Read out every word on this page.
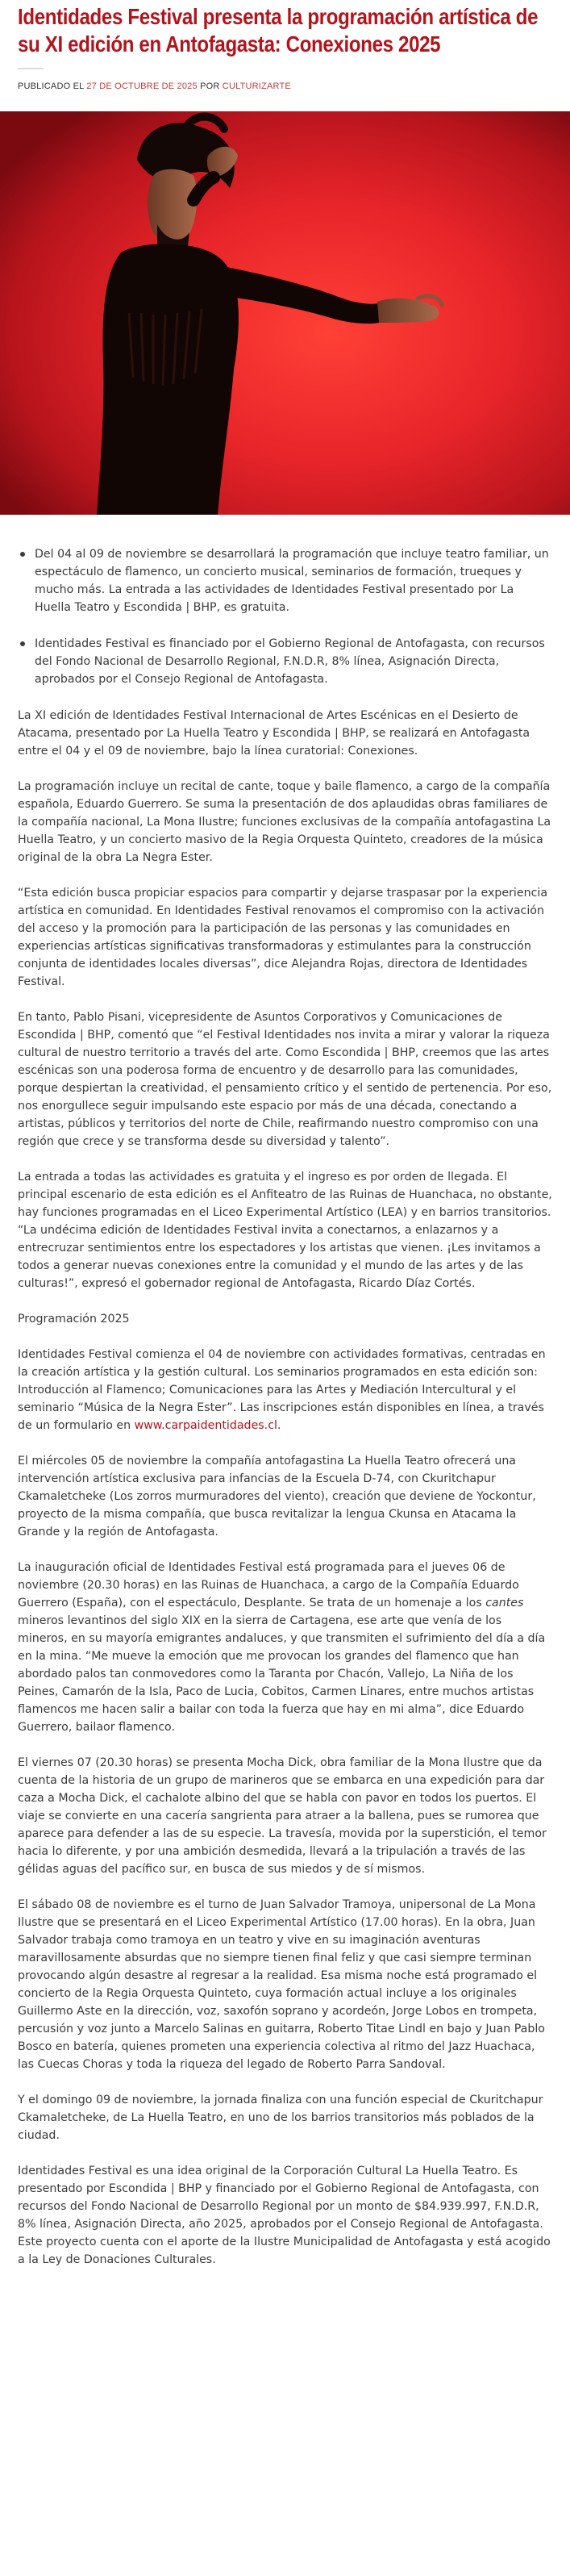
Identidades Festival presenta la programación artística de su XI edición en Antofagasta: Conexiones 2025
PUBLICADO EL 27 DE OCTUBRE DE 2025 POR CULTURIZARTE
Del 04 al 09 de noviembre se desarrollará la programación que incluye teatro familiar, un espectáculo de flamenco, un concierto musical, seminarios de formación, trueques y mucho más. La entrada a las actividades de Identidades Festival presentado por La Huella Teatro y Escondida | BHP, es gratuita.
Identidades Festival es financiado por el Gobierno Regional de Antofagasta, con recursos del Fondo Nacional de Desarrollo Regional, F.N.D.R, 8% línea, Asignación Directa, aprobados por el Consejo Regional de Antofagasta.

La XI edición de Identidades Festival Internacional de Artes Escénicas en el Desierto de Atacama, presentado por La Huella Teatro y Escondida | BHP, se realizará en Antofagasta entre el 04 y el 09 de noviembre, bajo la línea curatorial: Conexiones.

La programación incluye un recital de cante, toque y baile flamenco, a cargo de la compañía española, Eduardo Guerrero. Se suma la presentación de dos aplaudidas obras familiares de la compañía nacional, La Mona Ilustre; funciones exclusivas de la compañía antofagastina La Huella Teatro, y un concierto masivo de la Regia Orquesta Quinteto, creadores de la música original de la obra La Negra Ester.

“Esta edición busca propiciar espacios para compartir y dejarse traspasar por la experiencia artística en comunidad. En Identidades Festival renovamos el compromiso con la activación del acceso y la promoción para la participación de las personas y las comunidades en experiencias artísticas significativas transformadoras y estimulantes para la construcción conjunta de identidades locales diversas”, dice Alejandra Rojas, directora de Identidades Festival.

En tanto, Pablo Pisani, vicepresidente de Asuntos Corporativos y Comunicaciones de Escondida | BHP, comentó que “el Festival Identidades nos invita a mirar y valorar la riqueza cultural de nuestro territorio a través del arte. Como Escondida | BHP, creemos que las artes escénicas son una poderosa forma de encuentro y de desarrollo para las comunidades, porque despiertan la creatividad, el pensamiento crítico y el sentido de pertenencia. Por eso, nos enorgullece seguir impulsando este espacio por más de una década, conectando a artistas, públicos y territorios del norte de Chile, reafirmando nuestro compromiso con una región que crece y se transforma desde su diversidad y talento”.

La entrada a todas las actividades es gratuita y el ingreso es por orden de llegada. El principal escenario de esta edición es el Anfiteatro de las Ruinas de Huanchaca, no obstante, hay funciones programadas en el Liceo Experimental Artístico (LEA) y en barrios transitorios. “La undécima edición de Identidades Festival invita a conectarnos, a enlazarnos y a entrecruzar sentimientos entre los espectadores y los artistas que vienen. ¡Les invitamos a todos a generar nuevas conexiones entre la comunidad y el mundo de las artes y de las culturas!”, expresó el gobernador regional de Antofagasta, Ricardo Díaz Cortés.

Programación 2025

Identidades Festival comienza el 04 de noviembre con actividades formativas, centradas en la creación artística y la gestión cultural. Los seminarios programados en esta edición son: Introducción al Flamenco; Comunicaciones para las Artes y Mediación Intercultural y el seminario “Música de la Negra Ester”. Las inscripciones están disponibles en línea, a través de un formulario en www.carpaidentidades.cl.

El miércoles 05 de noviembre la compañía antofagastina La Huella Teatro ofrecerá una intervención artística exclusiva para infancias de la Escuela D-74, con Ckuritchapur Ckamaletcheke (Los zorros murmuradores del viento), creación que deviene de Yockontur, proyecto de la misma compañía, que busca revitalizar la lengua Ckunsa en Atacama la Grande y la región de Antofagasta.

La inauguración oficial de Identidades Festival está programada para el jueves 06 de noviembre (20.30 horas) en las Ruinas de Huanchaca, a cargo de la Compañía Eduardo Guerrero (España), con el espectáculo, Desplante. Se trata de un homenaje a los cantes mineros levantinos del siglo XIX en la sierra de Cartagena, ese arte que venía de los mineros, en su mayoría emigrantes andaluces, y que transmiten el sufrimiento del día a día en la mina. “Me mueve la emoción que me provocan los grandes del flamenco que han abordado palos tan conmovedores como la Taranta por Chacón, Vallejo, La Niña de los Peines, Camarón de la Isla, Paco de Lucia, Cobitos, Carmen Linares, entre muchos artistas flamencos me hacen salir a bailar con toda la fuerza que hay en mi alma”, dice Eduardo Guerrero, bailaor flamenco.

El viernes 07 (20.30 horas) se presenta Mocha Dick, obra familiar de la Mona Ilustre que da cuenta de la historia de un grupo de marineros que se embarca en una expedición para dar caza a Mocha Dick, el cachalote albino del que se habla con pavor en todos los puertos. El viaje se convierte en una cacería sangrienta para atraer a la ballena, pues se rumorea que aparece para defender a las de su especie. La travesía, movida por la superstición, el temor hacia lo diferente, y por una ambición desmedida, llevará a la tripulación a través de las gélidas aguas del pacífico sur, en busca de sus miedos y de sí mismos.

El sábado 08 de noviembre es el turno de Juan Salvador Tramoya, unipersonal de La Mona Ilustre que se presentará en el Liceo Experimental Artístico (17.00 horas). En la obra, Juan Salvador trabaja como tramoya en un teatro y vive en su imaginación aventuras maravillosamente absurdas que no siempre tienen final feliz y que casi siempre terminan provocando algún desastre al regresar a la realidad. Esa misma noche está programado el concierto de la Regia Orquesta Quinteto, cuya formación actual incluye a los originales Guillermo Aste en la dirección, voz, saxofón soprano y acordeón, Jorge Lobos en trompeta, percusión y voz junto a Marcelo Salinas en guitarra, Roberto Titae Lindl en bajo y Juan Pablo Bosco en batería, quienes prometen una experiencia colectiva al ritmo del Jazz Huachaca, las Cuecas Choras y toda la riqueza del legado de Roberto Parra Sandoval.

Y el domingo 09 de noviembre, la jornada finaliza con una función especial de Ckuritchapur Ckamaletcheke, de La Huella Teatro, en uno de los barrios transitorios más poblados de la ciudad.

Identidades Festival es una idea original de la Corporación Cultural La Huella Teatro. Es presentado por Escondida | BHP y financiado por el Gobierno Regional de Antofagasta, con recursos del Fondo Nacional de Desarrollo Regional por un monto de $84.939.997, F.N.D.R, 8% línea, Asignación Directa, año 2025, aprobados por el Consejo Regional de Antofagasta. Este proyecto cuenta con el aporte de la Ilustre Municipalidad de Antofagasta y está acogido a la Ley de Donaciones Culturales.
